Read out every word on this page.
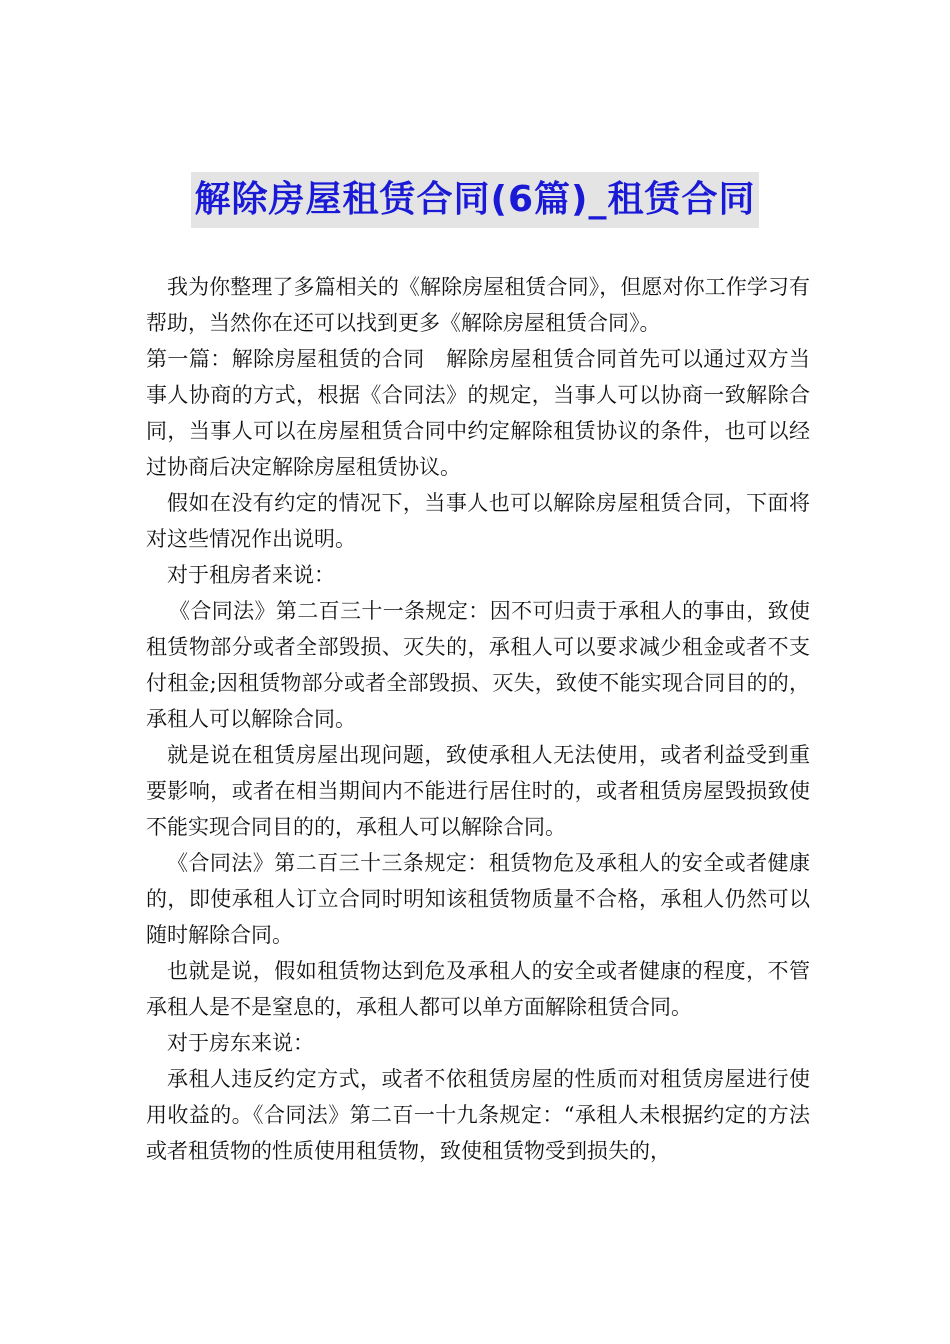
解除房屋租赁合同(6篇)_租赁合同

我为你整理了多篇相关的《解除房屋租赁合同》，但愿对你工作学习有帮助，当然你在还可以找到更多《解除房屋租赁合同》。

第一篇：解除房屋租赁的合同　解除房屋租赁合同首先可以通过双方当事人协商的方式，根据《合同法》的规定，当事人可以协商一致解除合同，当事人可以在房屋租赁合同中约定解除租赁协议的条件，也可以经过协商后决定解除房屋租赁协议。

假如在没有约定的情况下，当事人也可以解除房屋租赁合同，下面将对这些情况作出说明。

对于租房者来说：

《合同法》第二百三十一条规定：因不可归责于承租人的事由，致使租赁物部分或者全部毁损、灭失的，承租人可以要求减少租金或者不支付租金;因租赁物部分或者全部毁损、灭失，致使不能实现合同目的的，承租人可以解除合同。

就是说在租赁房屋出现问题，致使承租人无法使用，或者利益受到重要影响，或者在相当期间内不能进行居住时的，或者租赁房屋毁损致使不能实现合同目的的，承租人可以解除合同。

《合同法》第二百三十三条规定：租赁物危及承租人的安全或者健康的，即使承租人订立合同时明知该租赁物质量不合格，承租人仍然可以随时解除合同。

也就是说，假如租赁物达到危及承租人的安全或者健康的程度，不管承租人是不是窒息的，承租人都可以单方面解除租赁合同。

对于房东来说：

承租人违反约定方式，或者不依租赁房屋的性质而对租赁房屋进行使用收益的。《合同法》第二百一十九条规定：“承租人未根据约定的方法或者租赁物的性质使用租赁物，致使租赁物受到损失的，
